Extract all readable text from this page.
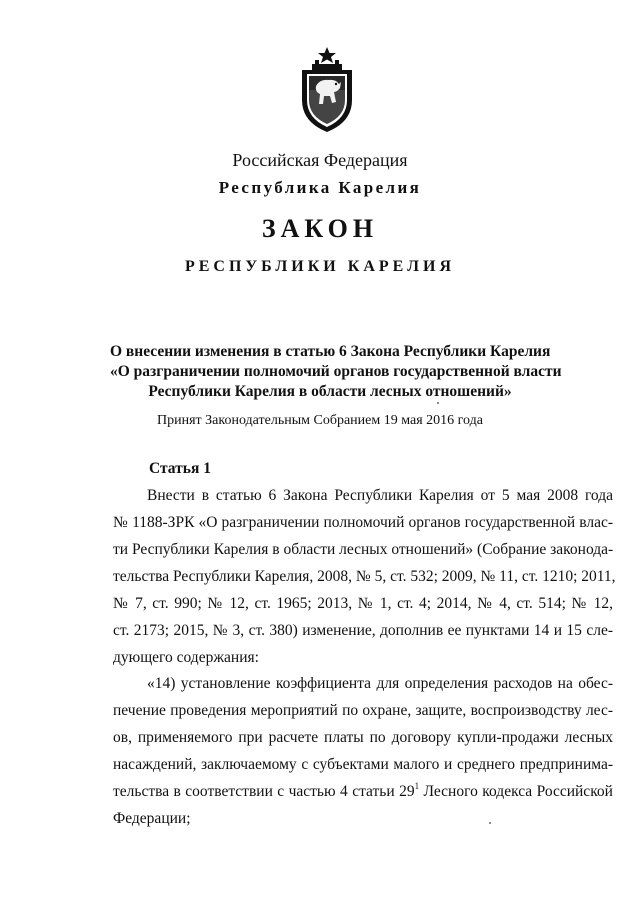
Российская Федерация
Республика Карелия
ЗАКОН
РЕСПУБЛИКИ КАРЕЛИЯ
О внесении изменения в статью 6 Закона Республики Карелия
«О разграничении полномочий органов государственной власти
Республики Карелия в области лесных отношений»
Принят Законодательным Собранием 19 мая 2016 года
Статья 1
Внести в статью 6 Закона Республики Карелия от 5 мая 2008 года
№ 1188-ЗРК «О разграничении полномочий органов государственной влас-
ти Республики Карелия в области лесных отношений» (Собрание законода-
тельства Республики Карелия, 2008, № 5, ст. 532; 2009, № 11, ст. 1210; 2011,
№ 7, ст. 990; № 12, ст. 1965; 2013, № 1, ст. 4; 2014, № 4, ст. 514; № 12,
ст. 2173; 2015, № 3, ст. 380) изменение, дополнив ее пунктами 14 и 15 сле-
дующего содержания:
«14) установление коэффициента для определения расходов на обес-
печение проведения мероприятий по охране, защите, воспроизводству лес-
ов, применяемого при расчете платы по договору купли-продажи лесных
насаждений, заключаемому с субъектами малого и среднего предпринима-
тельства в соответствии с частью 4 статьи $29^1$ Лесного кодекса Российской
Федерации;
